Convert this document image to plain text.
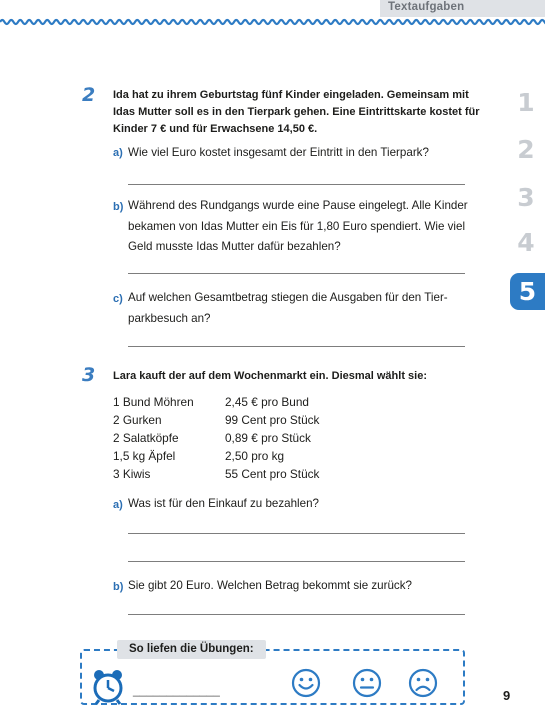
Textaufgaben
1
2
3
4
5
2 Ida hat zu ihrem Geburtstag fünf Kinder eingeladen. Gemeinsam mit
Idas Mutter soll es in den Tierpark gehen. Eine Eintrittskarte kostet für
Kinder 7 € und für Erwachsene 14,50 €.
a) Wie viel Euro kostet insgesamt der Eintritt in den Tierpark?
b) Während des Rundgangs wurde eine Pause eingelegt. Alle Kinder
bekamen von Idas Mutter ein Eis für 1,80 Euro spendiert. Wie viel
Geld musste Idas Mutter dafür bezahlen?
c) Auf welchen Gesamtbetrag stiegen die Ausgaben für den Tier-
parkbesuch an?
3 Lara kauft der auf dem Wochenmarkt ein. Diesmal wählt sie:
1 Bund Möhren	2,45 € pro Bund
2 Gurken	99 Cent pro Stück
2 Salatköpfe	0,89 € pro Stück
1,5 kg Äpfel	2,50 pro kg
3 Kiwis	55 Cent pro Stück
a) Was ist für den Einkauf zu bezahlen?
b) Sie gibt 20 Euro. Welchen Betrag bekommt sie zurück?
So liefen die Übungen:
_____________	9
